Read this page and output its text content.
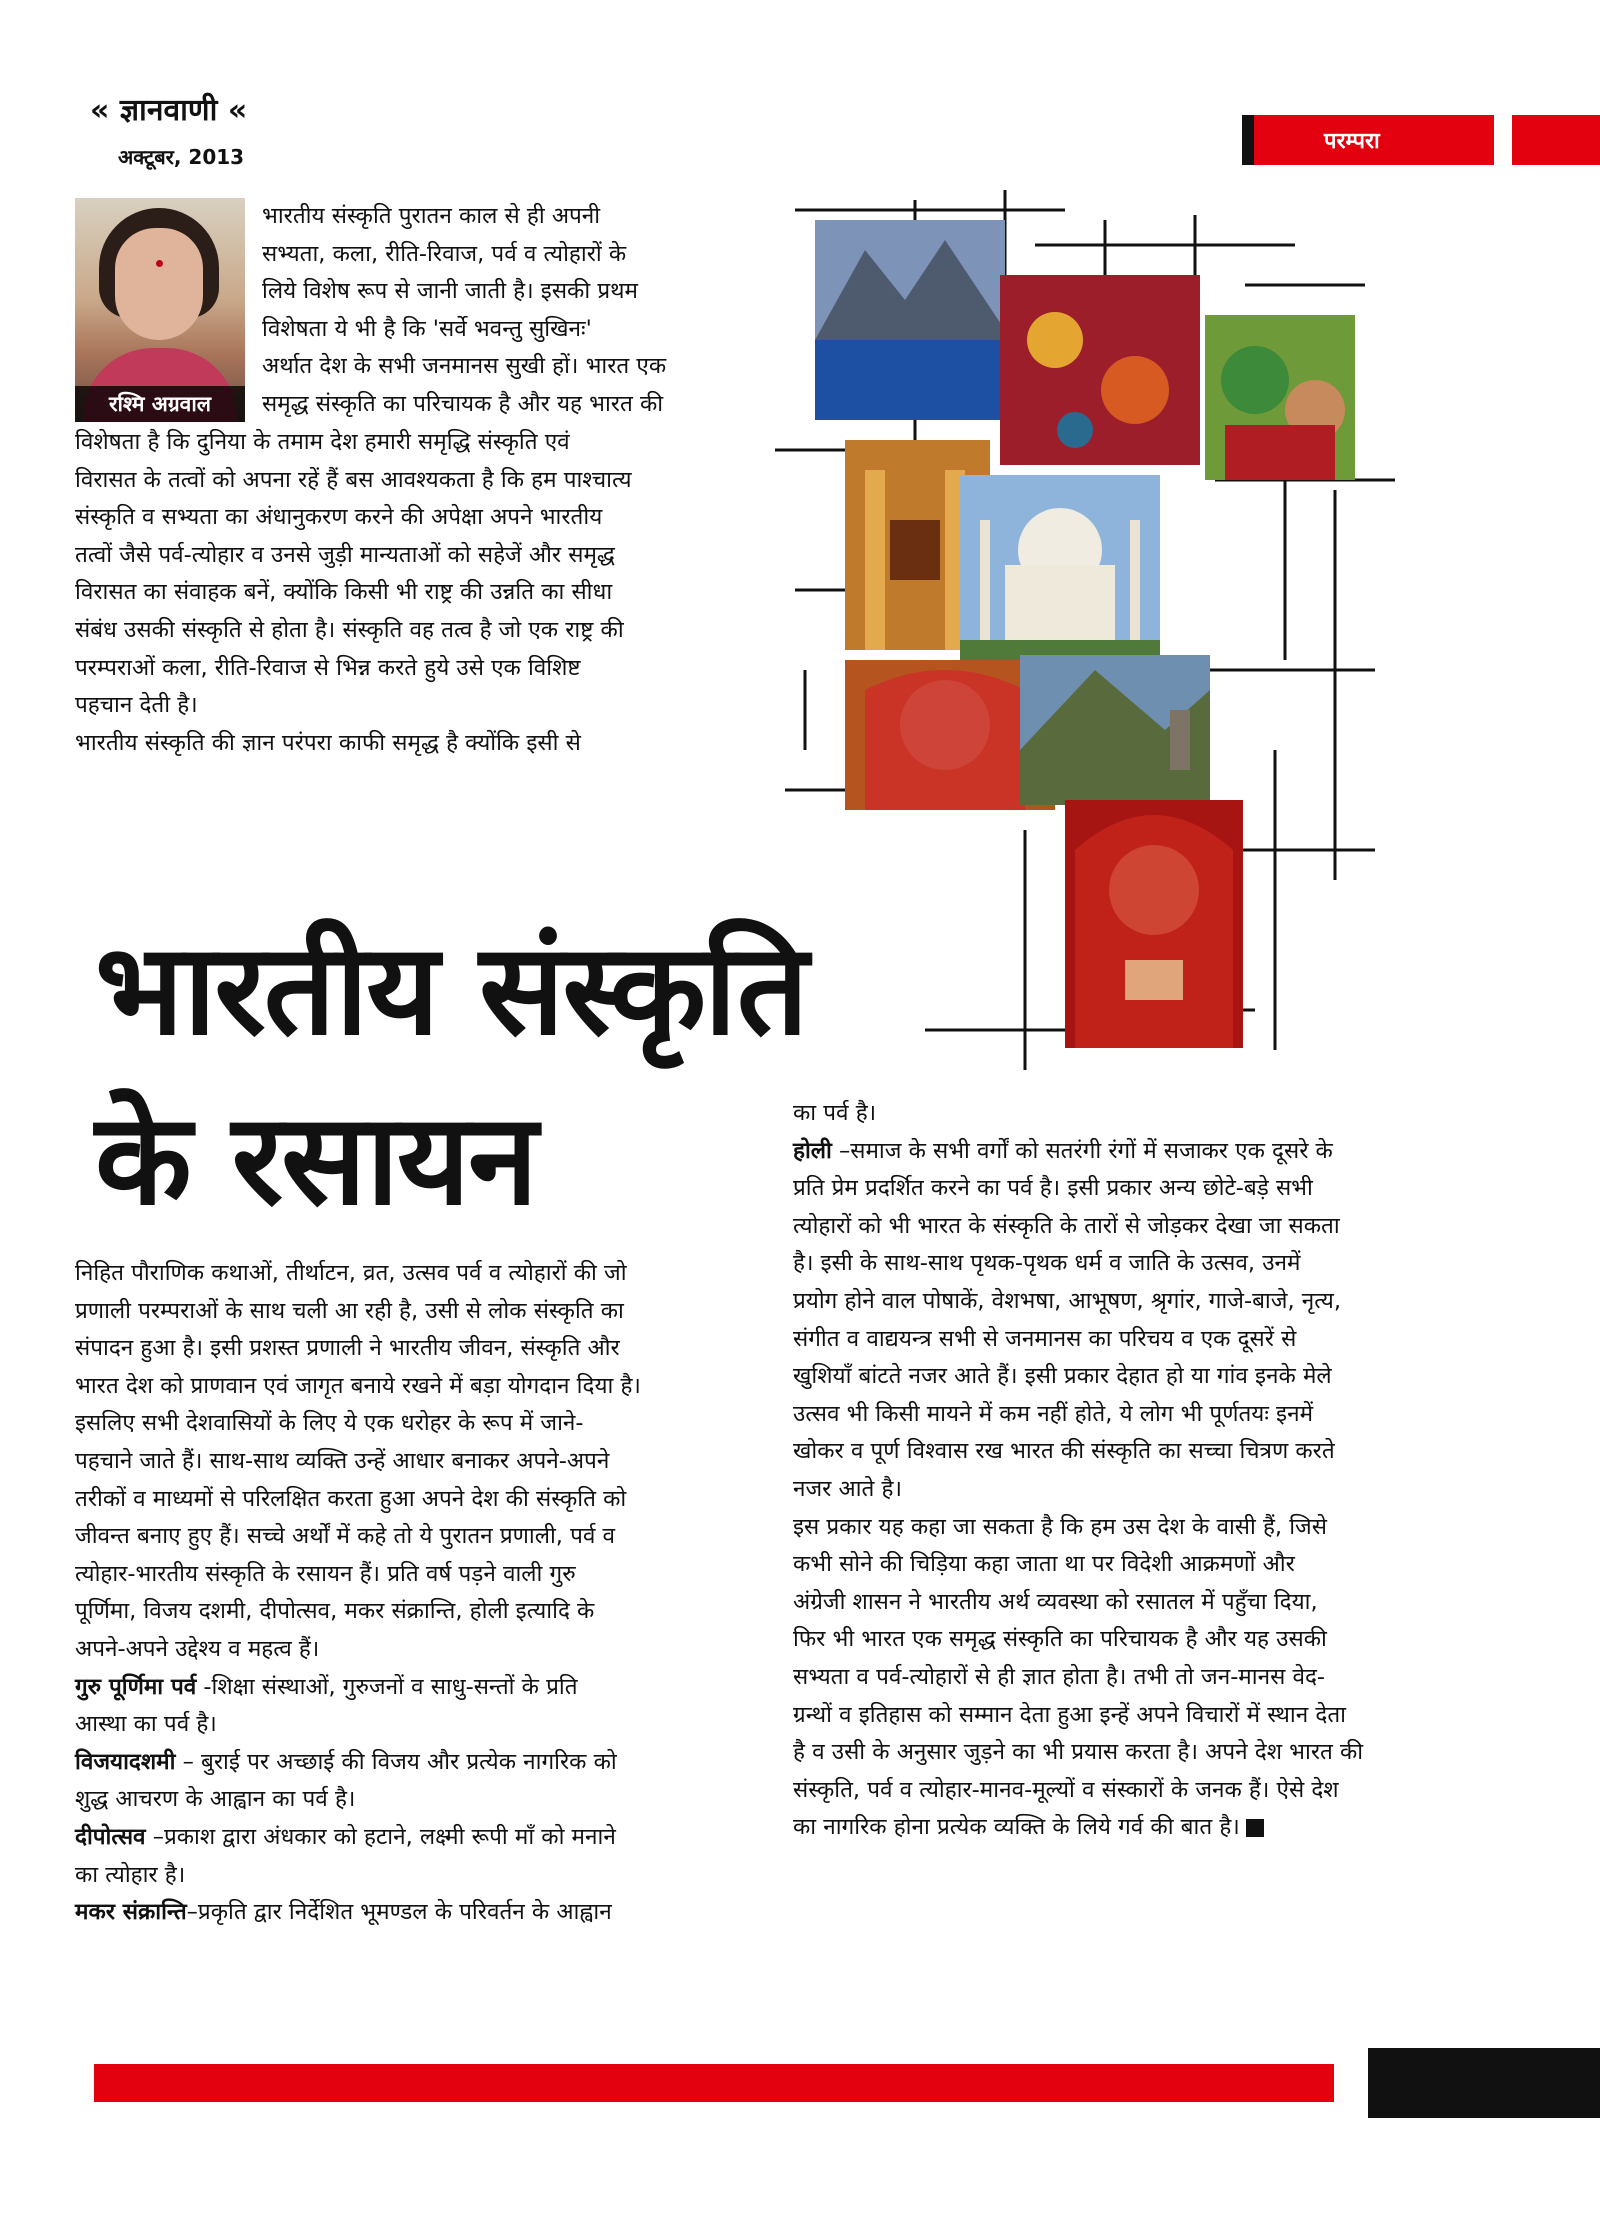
« ज्ञानवाणी «
अक्टूबर, 2013
परम्परा
रश्मि अग्रवाल
भारतीय संस्कृति पुरातन काल से ही अपनी
सभ्यता, कला, रीति-रिवाज, पर्व व त्योहारों के
लिये विशेष रूप से जानी जाती है। इसकी प्रथम
विशेषता ये भी है कि 'सर्वे भवन्तु सुखिनः'
अर्थात देश के सभी जनमानस सुखी हों। भारत एक
समृद्ध संस्कृति का परिचायक है और यह भारत की
विशेषता है कि दुनिया के तमाम देश हमारी समृद्धि संस्कृति एवं
विरासत के तत्वों को अपना रहें हैं बस आवश्यकता है कि हम पाश्चात्य
संस्कृति व सभ्यता का अंधानुकरण करने की अपेक्षा अपने भारतीय
तत्वों जैसे पर्व-त्योहार व उनसे जुड़ी मान्यताओं को सहेजें और समृद्ध
विरासत का संवाहक बनें, क्योंकि किसी भी राष्ट्र की उन्नति का सीधा
संबंध उसकी संस्कृति से होता है। संस्कृति वह तत्व है जो एक राष्ट्र की
परम्पराओं कला, रीति-रिवाज से भिन्न करते हुये उसे एक विशिष्ट
पहचान देती है।
भारतीय संस्कृति की ज्ञान परंपरा काफी समृद्ध है क्योंकि इसी से
भारतीय संस्कृति
के रसायन
निहित पौराणिक कथाओं, तीर्थाटन, व्रत, उत्सव पर्व व त्योहारों की जो
प्रणाली परम्पराओं के साथ चली आ रही है, उसी से लोक संस्कृति का
संपादन हुआ है। इसी प्रशस्त प्रणाली ने भारतीय जीवन, संस्कृति और
भारत देश को प्राणवान एवं जागृत बनाये रखने में बड़ा योगदान दिया है।
इसलिए सभी देशवासियों के लिए ये एक धरोहर के रूप में जाने-
पहचाने जाते हैं। साथ-साथ व्यक्ति उन्हें आधार बनाकर अपने-अपने
तरीकों व माध्यमों से परिलक्षित करता हुआ अपने देश की संस्कृति को
जीवन्त बनाए हुए हैं। सच्चे अर्थों में कहे तो ये पुरातन प्रणाली, पर्व व
त्योहार-भारतीय संस्कृति के रसायन हैं। प्रति वर्ष पड़ने वाली गुरु
पूर्णिमा, विजय दशमी, दीपोत्सव, मकर संक्रान्ति, होली इत्यादि के
अपने-अपने उद्देश्य व महत्व हैं।
गुरु पूर्णिमा पर्व -शिक्षा संस्थाओं, गुरुजनों व साधु-सन्तों के प्रति
आस्था का पर्व है।
विजयादशमी – बुराई पर अच्छाई की विजय और प्रत्येक नागरिक को
शुद्ध आचरण के आह्वान का पर्व है।
दीपोत्सव –प्रकाश द्वारा अंधकार को हटाने, लक्ष्मी रूपी माँ को मनाने
का त्योहार है।
मकर संक्रान्ति–प्रकृति द्वार निर्देशित भूमण्डल के परिवर्तन के आह्वान
का पर्व है।
होली –समाज के सभी वर्गों को सतरंगी रंगों में सजाकर एक दूसरे के
प्रति प्रेम प्रदर्शित करने का पर्व है। इसी प्रकार अन्य छोटे-बड़े सभी
त्योहारों को भी भारत के संस्कृति के तारों से जोड़कर देखा जा सकता
है। इसी के साथ-साथ पृथक-पृथक धर्म व जाति के उत्सव, उनमें
प्रयोग होने वाल पोषाकें, वेशभषा, आभूषण, श्रृगांर, गाजे-बाजे, नृत्य,
संगीत व वाद्ययन्त्र सभी से जनमानस का परिचय व एक दूसरें से
खुशियाँ बांटते नजर आते हैं। इसी प्रकार देहात हो या गांव इनके मेले
उत्सव भी किसी मायने में कम नहीं होते, ये लोग भी पूर्णतयः इनमें
खोकर व पूर्ण विश्वास रख भारत की संस्कृति का सच्चा चित्रण करते
नजर आते है।
इस प्रकार यह कहा जा सकता है कि हम उस देश के वासी हैं, जिसे
कभी सोने की चिड़िया कहा जाता था पर विदेशी आक्रमणों और
अंग्रेजी शासन ने भारतीय अर्थ व्यवस्था को रसातल में पहुँचा दिया,
फिर भी भारत एक समृद्ध संस्कृति का परिचायक है और यह उसकी
सभ्यता व पर्व-त्योहारों से ही ज्ञात होता है। तभी तो जन-मानस वेद-
ग्रन्थों व इतिहास को सम्मान देता हुआ इन्हें अपने विचारों में स्थान देता
है व उसी के अनुसार जुड़ने का भी प्रयास करता है। अपने देश भारत की
संस्कृति, पर्व व त्योहार-मानव-मूल्यों व संस्कारों के जनक हैं। ऐसे देश
का नागरिक होना प्रत्येक व्यक्ति के लिये गर्व की बात है।
